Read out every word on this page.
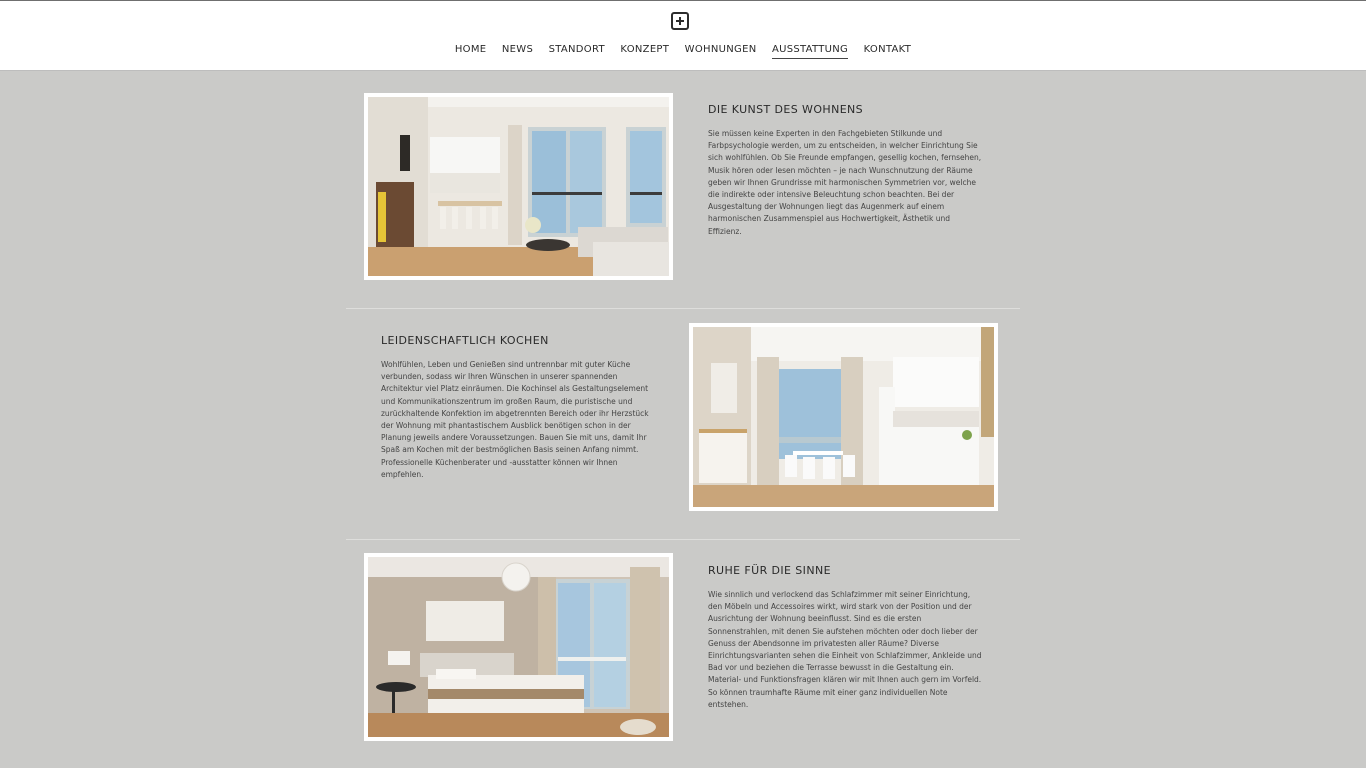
HOME NEWS STANDORT KONZEPT WOHNUNGEN AUSSTATTUNG KONTAKT
DIE KUNST DES WOHNENS

Sie müssen keine Experten in den Fachgebieten Stilkunde und Farbpsychologie werden, um zu entscheiden, in welcher Einrichtung Sie sich wohlfühlen. Ob Sie Freunde empfangen, gesellig kochen, fernsehen, Musik hören oder lesen möchten – je nach Wunschnutzung der Räume geben wir Ihnen Grundrisse mit harmonischen Symmetrien vor, welche die indirekte oder intensive Beleuchtung schon beachten. Bei der Ausgestaltung der Wohnungen liegt das Augenmerk auf einem harmonischen Zusammenspiel aus Hochwertigkeit, Ästhetik und Effizienz.

LEIDENSCHAFTLICH KOCHEN

Wohlfühlen, Leben und Genießen sind untrennbar mit guter Küche verbunden, sodass wir Ihren Wünschen in unserer spannenden Architektur viel Platz einräumen. Die Kochinsel als Gestaltungselement und Kommunikationszentrum im großen Raum, die puristische und zurückhaltende Konfektion im abgetrennten Bereich oder ihr Herzstück der Wohnung mit phantastischem Ausblick benötigen schon in der Planung jeweils andere Voraussetzungen. Bauen Sie mit uns, damit Ihr Spaß am Kochen mit der bestmöglichen Basis seinen Anfang nimmt. Professionelle Küchenberater und -ausstatter können wir Ihnen empfehlen.

RUHE FÜR DIE SINNE

Wie sinnlich und verlockend das Schlafzimmer mit seiner Einrichtung, den Möbeln und Accessoires wirkt, wird stark von der Position und der Ausrichtung der Wohnung beeinflusst. Sind es die ersten Sonnenstrahlen, mit denen Sie aufstehen möchten oder doch lieber der Genuss der Abendsonne im privatesten aller Räume? Diverse Einrichtungsvarianten sehen die Einheit von Schlafzimmer, Ankleide und Bad vor und beziehen die Terrasse bewusst in die Gestaltung ein. Material- und Funktionsfragen klären wir mit Ihnen auch gern im Vorfeld. So können traumhafte Räume mit einer ganz individuellen Note entstehen.
